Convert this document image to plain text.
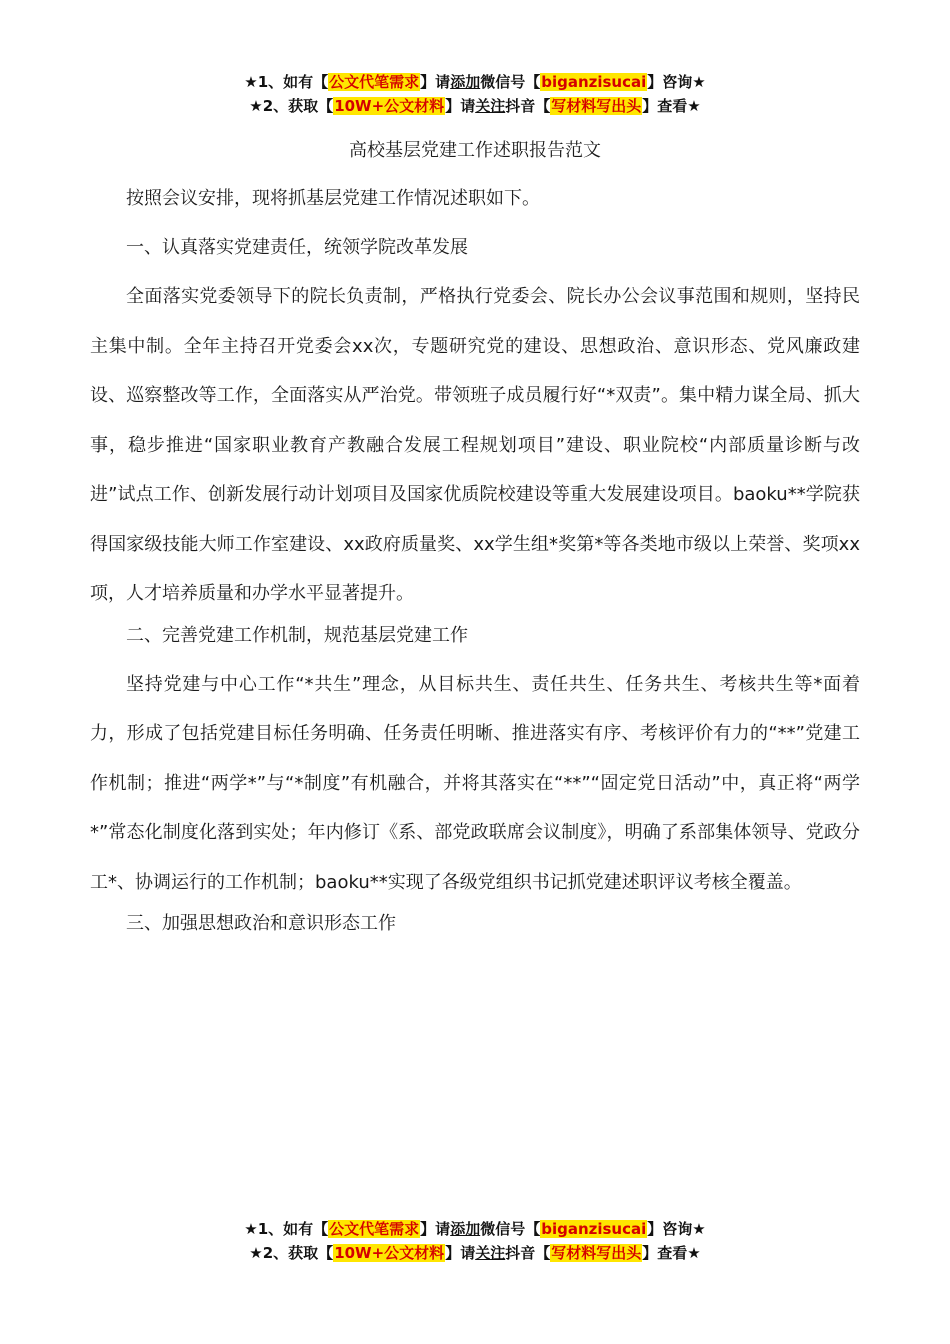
★1、如有【公文代笔需求】请添加微信号【biganzisucai】咨询★
★2、获取【10W+公文材料】请关注抖音【写材料写出头】查看★
高校基层党建工作述职报告范文

按照会议安排，现将抓基层党建工作情况述职如下。

一、认真落实党建责任，统领学院改革发展

全面落实党委领导下的院长负责制，严格执行党委会、院长办公会议事范围和规则，坚持民主集中制。全年主持召开党委会xx次，专题研究党的建设、思想政治、意识形态、党风廉政建设、巡察整改等工作，全面落实从严治党。带领班子成员履行好“*双责”。集中精力谋全局、抓大事，稳步推进“国家职业教育产教融合发展工程规划项目”建设、职业院校“内部质量诊断与改进”试点工作、创新发展行动计划项目及国家优质院校建设等重大发展建设项目。baoku**学院获得国家级技能大师工作室建设、xx政府质量奖、xx学生组*奖第*等各类地市级以上荣誉、奖项xx项，人才培养质量和办学水平显著提升。

二、完善党建工作机制，规范基层党建工作

坚持党建与中心工作“*共生”理念，从目标共生、责任共生、任务共生、考核共生等*面着力，形成了包括党建目标任务明确、任务责任明晰、推进落实有序、考核评价有力的“**”党建工作机制；推进“两学*”与“*制度”有机融合，并将其落实在“**”“固定党日活动”中，真正将“两学*”常态化制度化落到实处；年内修订《系、部党政联席会议制度》，明确了系部集体领导、党政分工*、协调运行的工作机制；baoku**实现了各级党组织书记抓党建述职评议考核全覆盖。

三、加强思想政治和意识形态工作

★1、如有【公文代笔需求】请添加微信号【biganzisucai】咨询★
★2、获取【10W+公文材料】请关注抖音【写材料写出头】查看★
